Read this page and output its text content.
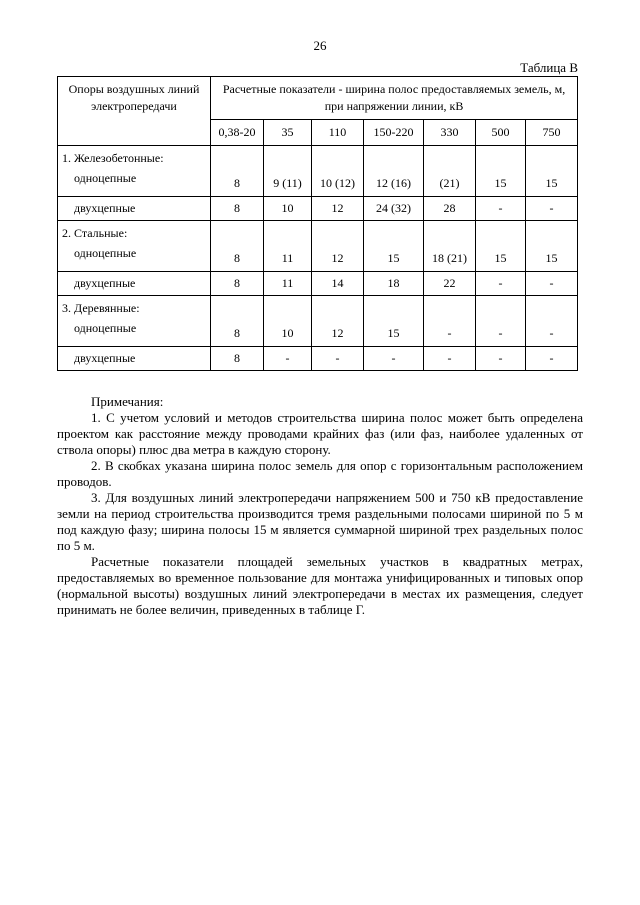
26
Таблица В
Опоры воздушных линий электропередачи	Расчетные показатели - ширина полос предоставляемых земель, м, при напряжении линии, кВ						
	0,38-20	35	110	150-220	330	500	750

1. Железобетонные:
одноцепные	8	9 (11)	10 (12)	12 (16)	(21)	15	15

двухцепные	8	10	12	24 (32)	28	-	-

2. Стальные:
одноцепные	8	11	12	15	18 (21)	15	15

двухцепные	8	11	14	18	22	-	-

3. Деревянные:
одноцепные	8	10	12	15	-	-	-

двухцепные	8	-	-	-	-	-	-

Примечания:

1. С учетом условий и методов строительства ширина полос может быть определена проектом как расстояние между проводами крайних фаз (или фаз, наиболее удаленных от ствола опоры) плюс два метра в каждую сторону.

2. В скобках указана ширина полос земель для опор с горизонтальным расположением проводов.

3. Для воздушных линий электропередачи напряжением 500 и 750 кВ предоставление земли на период строительства производится тремя раздельными полосами шириной по 5 м под каждую фазу; ширина полосы 15 м является суммарной шириной трех раздельных полос по 5 м.

Расчетные показатели площадей земельных участков в квадратных метрах, предоставляемых во временное пользование для монтажа унифицированных и типовых опор (нормальной высоты) воздушных линий электропередачи в местах их размещения, следует принимать не более величин, приведенных в таблице Г.
